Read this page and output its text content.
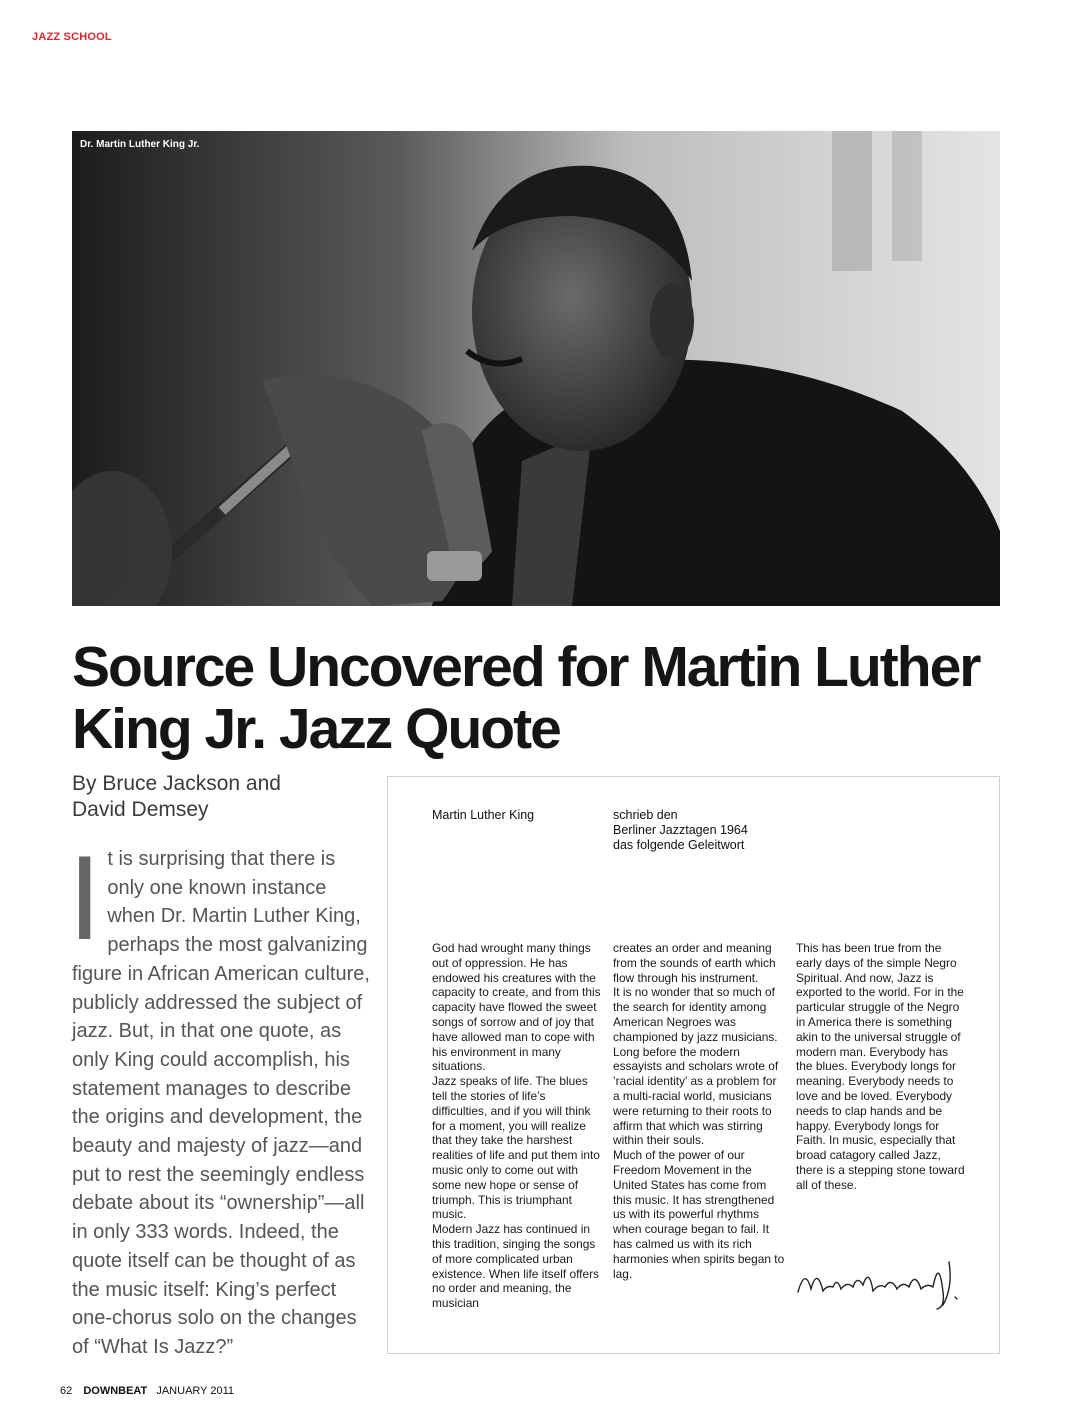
JAZZ SCHOOL
Dr. Martin Luther King Jr.
Source Uncovered for Martin Luther King Jr. Jazz Quote
By Bruce Jackson and
David Demsey

I t is surprising that there is only one known instance when Dr. Martin Luther King, perhaps the most galvanizing figure in African American culture, publicly addressed the subject of jazz. But, in that one quote, as only King could accomplish, his statement manages to describe the origins and development, the beauty and majesty of jazz—and put to rest the seemingly endless debate about its “ownership”—all in only 333 words. Indeed, the quote itself can be thought of as the music itself: King’s perfect one-chorus solo on the changes of “What Is Jazz?”

Martin Luther King	schrieb den
Berliner Jazztagen 1964
das folgende Geleitwort

God had wrought many things out of oppression. He has endowed his creatures with the capacity to create, and from this capacity have flowed the sweet songs of sorrow and of joy that have allowed man to cope with his environment in many situations.

Jazz speaks of life. The blues tell the stories of life’s difficulties, and if you will think for a moment, you will realize that they take the harshest realities of life and put them into music only to come out with some new hope or sense of triumph. This is triumphant music.

Modern Jazz has continued in this tradition, singing the songs of more complicated urban existence. When life itself offers no order and meaning, the musician

creates an order and meaning from the sounds of earth which flow through his instrument.

It is no wonder that so much of the search for identity among American Negroes was championed by jazz musicians. Long before the modern essayists and scholars wrote of ’racial identity’ as a problem for a multi-racial world, musicians were returning to their roots to affirm that which was stirring within their souls.

Much of the power of our Freedom Movement in the United States has come from this music. It has strengthened us with its powerful rhythms when courage began to fail. It has calmed us with its rich harmonies when spirits began to lag.

This has been true from the early days of the simple Negro Spiritual. And now, Jazz is exported to the world. For in the particular struggle of the Negro in America there is something akin to the universal struggle of modern man. Everybody has the blues. Everybody longs for meaning. Everybody needs to love and be loved. Everybody needs to clap hands and be happy. Everybody longs for Faith. In music, especially that broad catagory called Jazz, there is a stepping stone toward all of these.

62 DOWNBEAT JANUARY 2011
